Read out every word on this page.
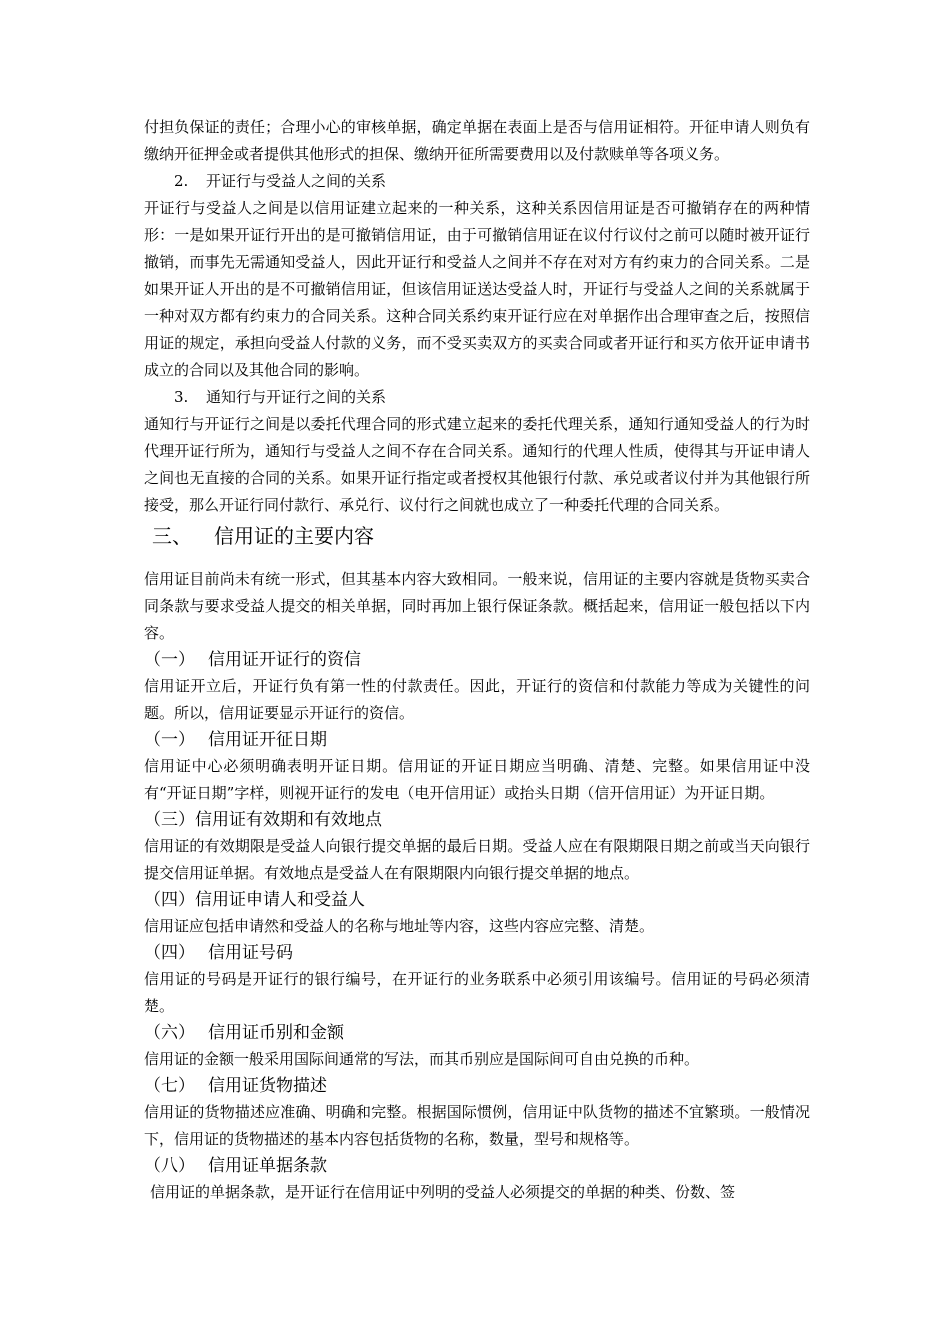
付担负保证的责任；合理小心的审核单据，确定单据在表面上是否与信用证相符。开征申请人则负有缴纳开征押金或者提供其他形式的担保、缴纳开征所需要费用以及付款赎单等各项义务。

2. 开证行与受益人之间的关系

开证行与受益人之间是以信用证建立起来的一种关系，这种关系因信用证是否可撤销存在的两种情形：一是如果开证行开出的是可撤销信用证，由于可撤销信用证在议付行议付之前可以随时被开证行撤销，而事先无需通知受益人，因此开证行和受益人之间并不存在对对方有约束力的合同关系。二是如果开证人开出的是不可撤销信用证，但该信用证送达受益人时，开证行与受益人之间的关系就属于一种对双方都有约束力的合同关系。这种合同关系约束开证行应在对单据作出合理审查之后，按照信用证的规定，承担向受益人付款的义务，而不受买卖双方的买卖合同或者开证行和买方依开证申请书成立的合同以及其他合同的影响。

3. 通知行与开证行之间的关系

通知行与开证行之间是以委托代理合同的形式建立起来的委托代理关系，通知行通知受益人的行为时代理开证行所为，通知行与受益人之间不存在合同关系。通知行的代理人性质，使得其与开证申请人之间也无直接的合同的关系。如果开证行指定或者授权其他银行付款、承兑或者议付并为其他银行所接受，那么开证行同付款行、承兑行、议付行之间就也成立了一种委托代理的合同关系。

三、 信用证的主要内容

信用证目前尚未有统一形式，但其基本内容大致相同。一般来说，信用证的主要内容就是货物买卖合同条款与要求受益人提交的相关单据，同时再加上银行保证条款。概括起来，信用证一般包括以下内容。

（一） 信用证开证行的资信

信用证开立后，开证行负有第一性的付款责任。因此，开证行的资信和付款能力等成为关键性的问题。所以，信用证要显示开证行的资信。

（一） 信用证开征日期

信用证中心必须明确表明开证日期。信用证的开证日期应当明确、清楚、完整。如果信用证中没有“开证日期”字样，则视开证行的发电（电开信用证）或抬头日期（信开信用证）为开证日期。

（三）信用证有效期和有效地点

信用证的有效期限是受益人向银行提交单据的最后日期。受益人应在有限期限日期之前或当天向银行提交信用证单据。有效地点是受益人在有限期限内向银行提交单据的地点。

（四）信用证申请人和受益人

信用证应包括申请然和受益人的名称与地址等内容，这些内容应完整、清楚。

（四） 信用证号码

信用证的号码是开证行的银行编号，在开证行的业务联系中必须引用该编号。信用证的号码必须清楚。

（六） 信用证币别和金额

信用证的金额一般采用国际间通常的写法，而其币别应是国际间可自由兑换的币种。

（七） 信用证货物描述

信用证的货物描述应准确、明确和完整。根据国际惯例，信用证中队货物的描述不宜繁琐。一般情况下，信用证的货物描述的基本内容包括货物的名称，数量，型号和规格等。

（八） 信用证单据条款

信用证的单据条款，是开证行在信用证中列明的受益人必须提交的单据的种类、份数、签
